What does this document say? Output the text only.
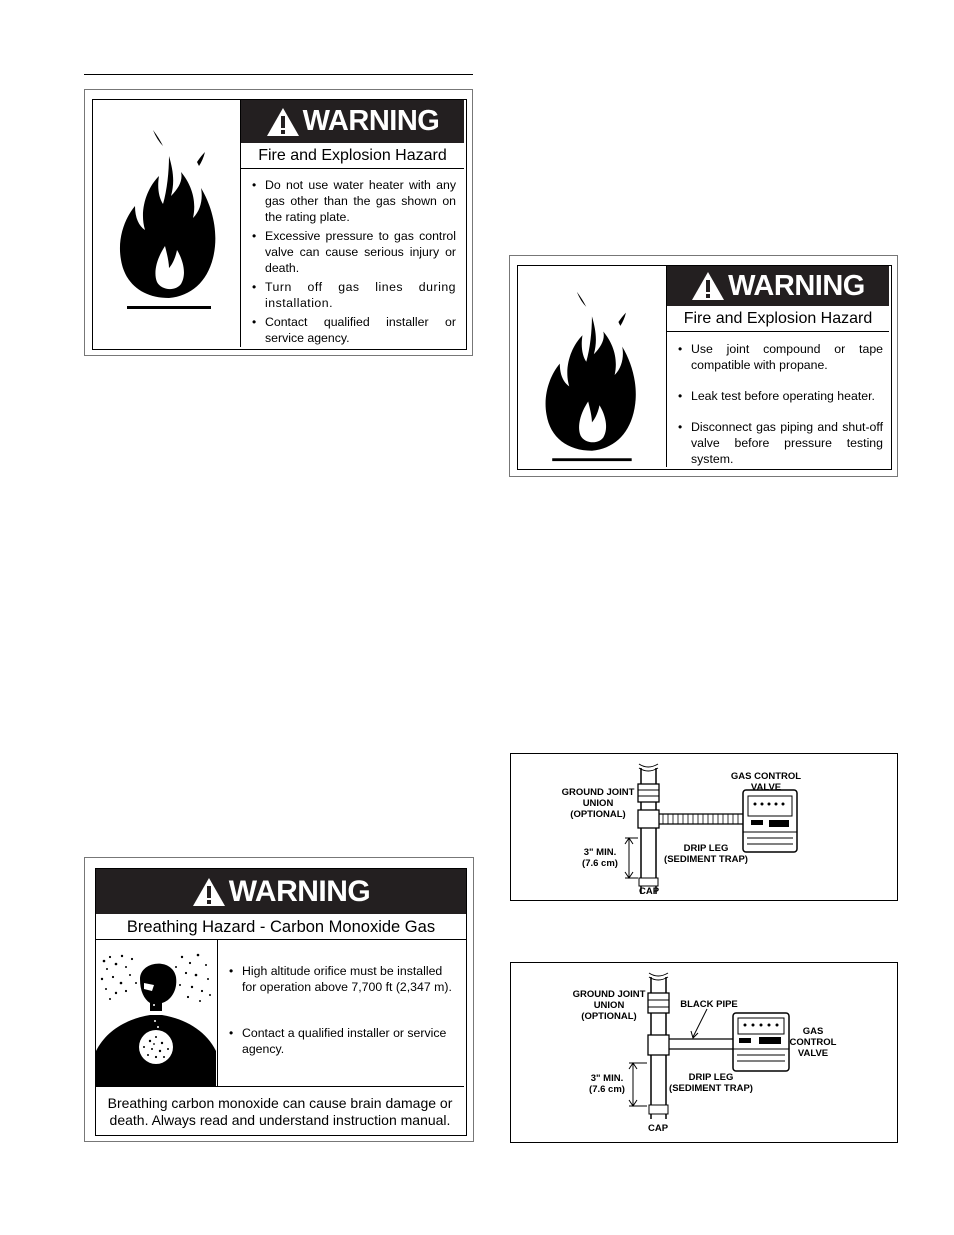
WARNING
Fire and Explosion Hazard
• Do not use water heater with any gas other than the gas shown on the rating plate.
• Excessive pressure to gas control valve can cause serious injury or death.
• Turn off gas lines during installation.
• Contact qualified installer or service agency.
WARNING
Fire and Explosion Hazard
• Use joint compound or tape compatible with propane.
• Leak test before operating heater.
• Disconnect gas piping and shut-off valve before pressure testing system.
GROUND JOINT
UNION
(OPTIONAL)
GAS CONTROL
VALVE
3" MIN.
(7.6 cm)
DRIP LEG
(SEDIMENT TRAP)
CAP
GROUND JOINT
UNION
(OPTIONAL)
BLACK PIPE
GAS
CONTROL
VALVE
3" MIN.
(7.6 cm)
DRIP LEG
(SEDIMENT TRAP)
CAP
WARNING
Breathing Hazard - Carbon Monoxide Gas
• High altitude orifice must be installed for operation above 7,700 ft (2,347 m).
• Contact a qualified installer or service agency.
Breathing carbon monoxide can cause brain damage or death. Always read and understand instruction manual.
